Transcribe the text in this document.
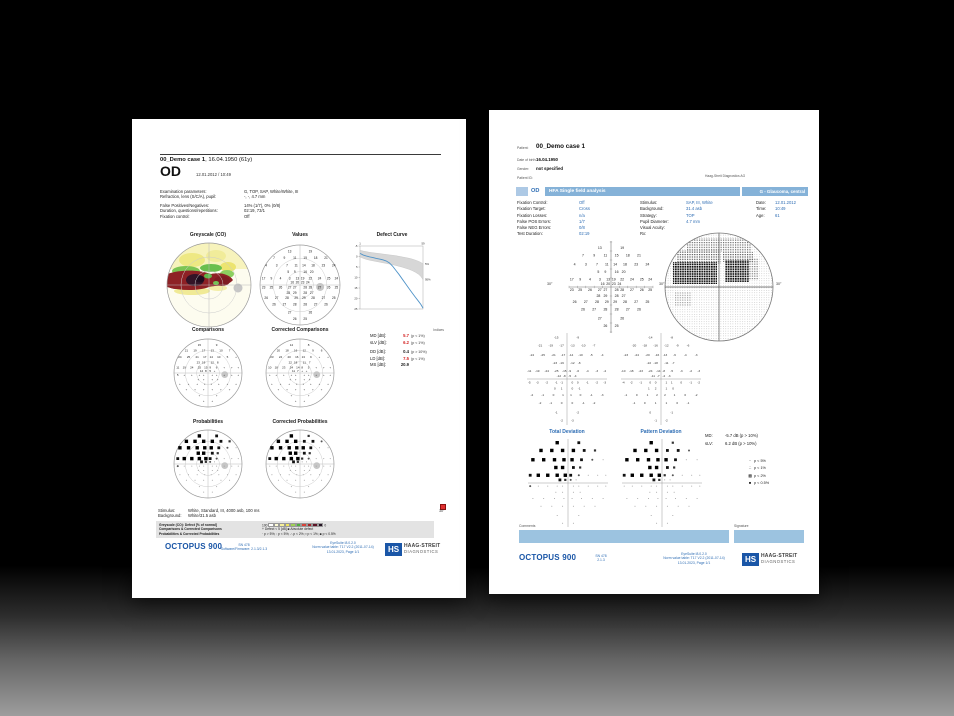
00_Demo case 1, 16.04.1950 (61y)
OD	12.01.2012 / 10:49
Examination parameters:	G, TOP, SAP, White/White, III
Refraction, lens (S/C/A), pupil:	-, -, 4.7 mm
False Positives/Negatives:	14% (1/7), 0% (0/8)
Duration, questions/repetitions:	02:19, 73/1
Fixation control:	Off
Greyscale (CO)	Values	Defect Curve
Comparisons	Corrected Comparisons
Probabilities	Corrected Probabilities
13	19
7	9 11 15 18 21
4	3	7 11 14 18 23 24
5 9 16 20
17 9 4 3 13 19 22 24 25 24
16 20 23 24
23 25 26 27 27 28 28 27 26 25
28 29 28 27
26 27 28 29 29 28 27 25
26 27 28 28 27 26
27	26
26 25
-5
0
5
10
15
20
25
1	59
5%
95%
15	9
21 19 17 13 10 7
24 25 21 17 14 10 5	+
23 19 12 8
11 19 24 25 15 9 6 + + +
12 8 5 +
5 + + + +	+ + + + +
+ +	+ +
+	+	+ + + +	+	+
+	+	+	+	+	+
+	+
+	+
14	8
20 18 16 12 9 6
23 24 20 16 13 9	+	+
22 18 11 7
10 18 23 24 14 8 5 + + +
11 7 + +
+ + + + +	+ + + + +
+ +	+ +
+	+	+ + + +	+	+
+	+	+	+	+	+
+	+
+	+
Indices
MD [dB]:	5.7 (p < 1%)
sLV [dB]:	6.2 (p < 1%)
DD [dB]:	0.4 (p > 10%)
LD [dB]:	7.5 (p < 1%)
MS [dB]:	20.9
Stimulus:	White, Standard, III, 4000 asb, 100 ms
Background: White/31.5 asb
30°
Greyscale (CO): Defect [% of normal]	100	0
Comparisons & Corrected Comparisons	+ Defect < 5 [dB] ■ Absolute defect
Probabilities & Corrected Probabilities	· p > 5%; : p < 5%; ∴ p < 2%; ▪ p < 1%; ■ p < 0.5%
OCTOPUS 900	SN 478
Software/Firmware: 2.1.3/2.1.3
EyeSuite i8.0.2.0
Norm value table: T17 V2.2 (2011-07-14)
13.01.2023, Page 1/1	HS HAAG-STREIT
DIAGNOSTICS
Patient: 00_Demo case 1
Date of birth: 16.04.1950
Gender: not specified
Patient ID:	Haag-Streit Diagnostics AG
OD	HFA Single field analysis	G - Glaucoma, central
Fixation Control:	Off
Fixation Target:	Cross
Fixation Losses:	n/a
False POS Errors:	1/7
False NEG Errors:	0/8
Test Duration:	02:19
Stimulus:	SAP, III, White
Background:	31.4 asb
Strategy:	TOP
Pupil Diameter:	4.7 mm
Visual Acuity:
Rx:
Date: 12.01.2012
Time: 10:49
Age: 61
30°	30°	30°
13	19
7	9 11 15 18 21
4	3	7 11 14 18 23 24
5 9 16 20
17 9 4 3 13 19 22 24 25 24
16 20 23 24
23 25 26 27 27 28 28 27 26 25
28 29 28 27
26 27 28 29 29 28 27 25
26 27 28 28 27 26
27	26
26 25
-15	-9
-21 -19 -17 -13 -10 -7
-24 -25 -21 -17 -14 -10 -5	-4
-23 -19 -12 -8
-11 -19 -24 -25 -15 -9 -6 -4 -3 -4
-12 -8 -5 -4
-5 -3 -2 -1 -1	0 0 -1 -2 -3
0 1	0 -1
-2	-1	0 1 1 0	-1	-3
-2	-1	0	0	-1	-2
-1	-2
-2	-3
-14	-8
-20 -18 -16 -12 -9	-6
-23 -24 -20 -16 -13 -9	-4	-3
-22 -18 -11 -7
-10 -18 -23 -24 -14 -8 -5 -3 -2 -3
-11 -7 -4 -3
-4 -2 -1 0 0	1 1 0 -1 -2
1 2	1 0
-1	0	1 2 2 1	0	-2
-1	0	1	1	0	-1
0	-1
-1	-2
Total Deviation	Pattern Deviation
MD:	-5.7 dB (p > 10%)
sLV:	6.2 dB (p > 10%)
·· p < 5%
∴ p < 1%
▩ p < 2%
■ p < 0.5%
Comments	Signature
OCTOPUS 900	SN 478
2.1.3
EyeSuite i8.0.2.0
Norm value table: T17 V2.2 (2011-07-14)
13.01.2023, Page 1/1	HS HAAG-STREIT
DIAGNOSTICS
